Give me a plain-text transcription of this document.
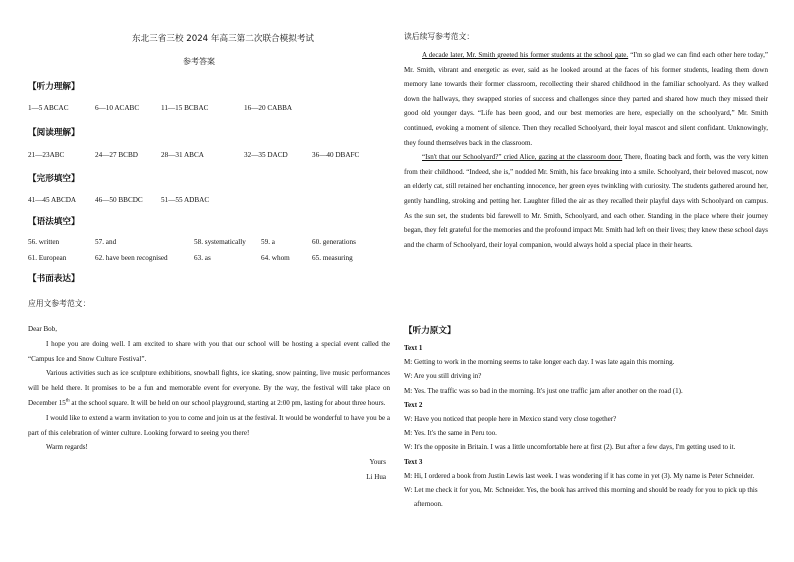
东北三省三校 2024 年高三第二次联合模拟考试
参考答案
【听力理解】
1—5 ABCAC	6—10 ACABC	11—15 BCBAC	16—20 CABBA
【阅读理解】
21—23ABC	24—27 BCBD	28—31 ABCA	32—35 DACD	36—40 DBAFC
【完形填空】
41—45 ABCDA	46—50 BBCDC	51—55 ADBAC
【语法填空】
56. written	57. and	58. systematically 59. a	60. generations
61. European	62. have been recognised	63. as	64. whom	65. measuring
【书面表达】
应用文参考范文：

Dear Bob,

I hope you are doing well. I am excited to share with you that our school will be hosting a special event called the “Campus Ice and Snow Culture Festival”.

Various activities such as ice sculpture exhibitions, snowball fights, ice skating, snow painting, live music performances will be held there. It promises to be a fun and memorable event for everyone. By the way, the festival will take place on December 15th at the school square. It will be held on our school playground, starting at 2:00 pm, lasting for about three hours.

I would like to extend a warm invitation to you to come and join us at the festival. It would be wonderful to have you be a part of this celebration of winter culture. Looking forward to seeing you there!

Warm regards!

Yours

Li Hua

读后续写参考范文：

A decade later, Mr. Smith greeted his former students at the school gate. “I'm so glad we can find each other here today,” Mr. Smith, vibrant and energetic as ever, said as he looked around at the faces of his former students, leading them down memory lane towards their former classroom, recollecting their shared childhood in the familiar schoolyard. As they walked down the hallways, they swapped stories of success and challenges since they parted and shared how much they missed their good old younger days. “Life has been good, and our best memories are here, especially on the schoolyard,” Mr. Smith continued, evoking a moment of silence. Then they recalled Schoolyard, their loyal mascot and silent confidant. Unknowingly, they found themselves back in the classroom.

“Isn't that our Schoolyard?” cried Alice, gazing at the classroom door. There, floating back and forth, was the very kitten from their childhood. “Indeed, she is,” nodded Mr. Smith, his face breaking into a smile. Schoolyard, their beloved mascot, now an elderly cat, still retained her enchanting innocence, her green eyes twinkling with curiosity. The students gathered around her, gently handling, stroking and petting her. Laughter filled the air as they recalled their playful days with Schoolyard on campus. As the sun set, the students bid farewell to Mr. Smith, Schoolyard, and each other. Standing in the place where their journey began, they felt grateful for the memories and the profound impact Mr. Smith had left on their lives; they knew these school days and the charm of Schoolyard, their loyal companion, would always hold a special place in their hearts.

【听力原文】
Text 1
M: Getting to work in the morning seems to take longer each day. I was late again this morning.
W: Are you still driving in?
M: Yes. The traffic was so bad in the morning. It's just one traffic jam after another on the road (1).
Text 2
W: Have you noticed that people here in Mexico stand very close together?
M: Yes. It's the same in Peru too.
W: It's the opposite in Britain. I was a little uncomfortable here at first (2). But after a few days, I'm getting used to it.
Text 3
M: Hi, I ordered a book from Justin Lewis last week. I was wondering if it has come in yet (3). My name is Peter Schneider.
W: Let me check it for you, Mr. Schneider. Yes, the book has arrived this morning and should be ready for you to pick up this afternoon.
